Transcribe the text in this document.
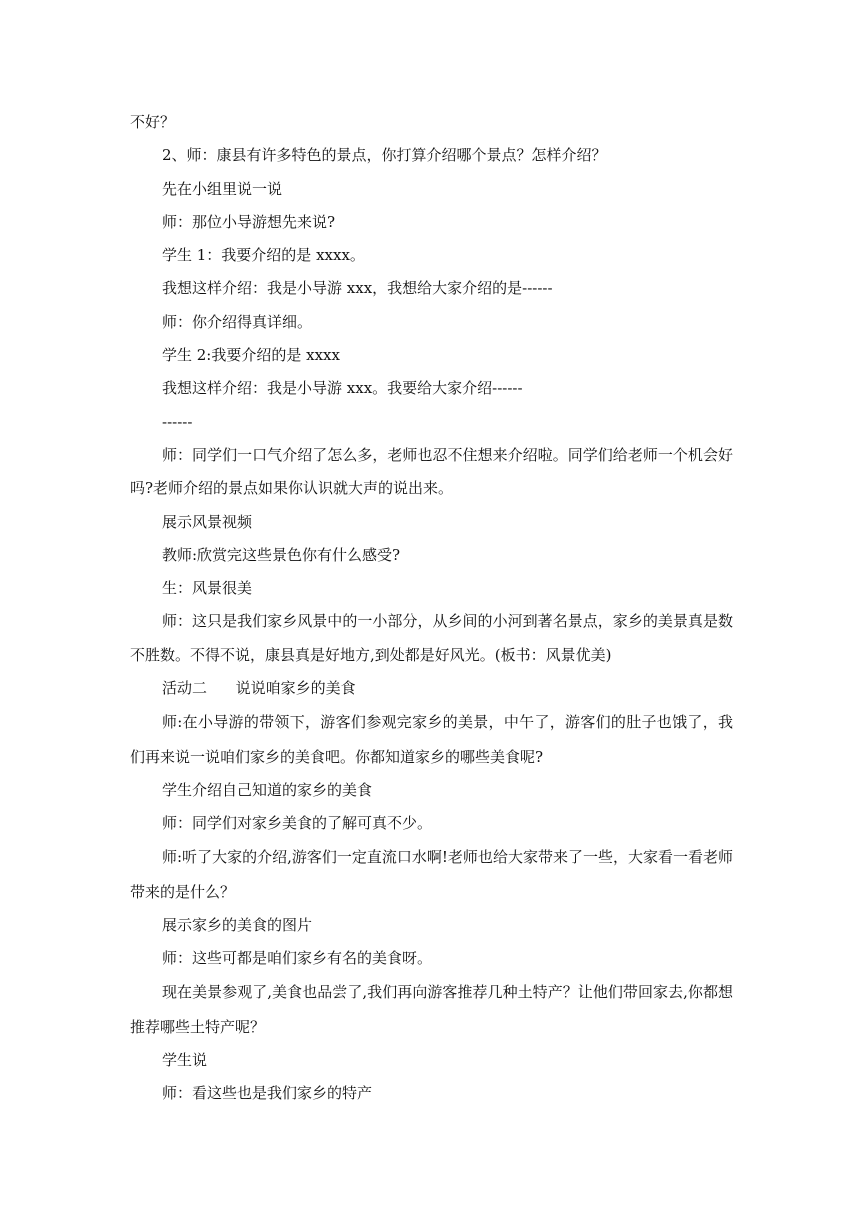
不好？

2、师：康县有许多特色的景点，你打算介绍哪个景点？怎样介绍？

先在小组里说一说

师：那位小导游想先来说?

学生 1：我要介绍的是 xxxx。

我想这样介绍：我是小导游 xxx，我想给大家介绍的是------

师：你介绍得真详细。

学生 2:我要介绍的是 xxxx

我想这样介绍：我是小导游 xxx。我要给大家介绍------

------

师：同学们一口气介绍了怎么多，老师也忍不住想来介绍啦。同学们给老师一个机会好吗?老师介绍的景点如果你认识就大声的说出来。

展示风景视频

教师:欣赏完这些景色你有什么感受?

生：风景很美

师：这只是我们家乡风景中的一小部分，从乡间的小河到著名景点，家乡的美景真是数不胜数。不得不说，康县真是好地方,到处都是好风光。(板书：风景优美)

活动二      说说咱家乡的美食

师:在小导游的带领下，游客们参观完家乡的美景，中午了，游客们的肚子也饿了，我们再来说一说咱们家乡的美食吧。你都知道家乡的哪些美食呢?

学生介绍自己知道的家乡的美食

师：同学们对家乡美食的了解可真不少。

师:听了大家的介绍,游客们一定直流口水啊!老师也给大家带来了一些，大家看一看老师带来的是什么？

展示家乡的美食的图片

师：这些可都是咱们家乡有名的美食呀。

现在美景参观了,美食也品尝了,我们再向游客推荐几种土特产？让他们带回家去,你都想推荐哪些土特产呢？

学生说

师：看这些也是我们家乡的特产
